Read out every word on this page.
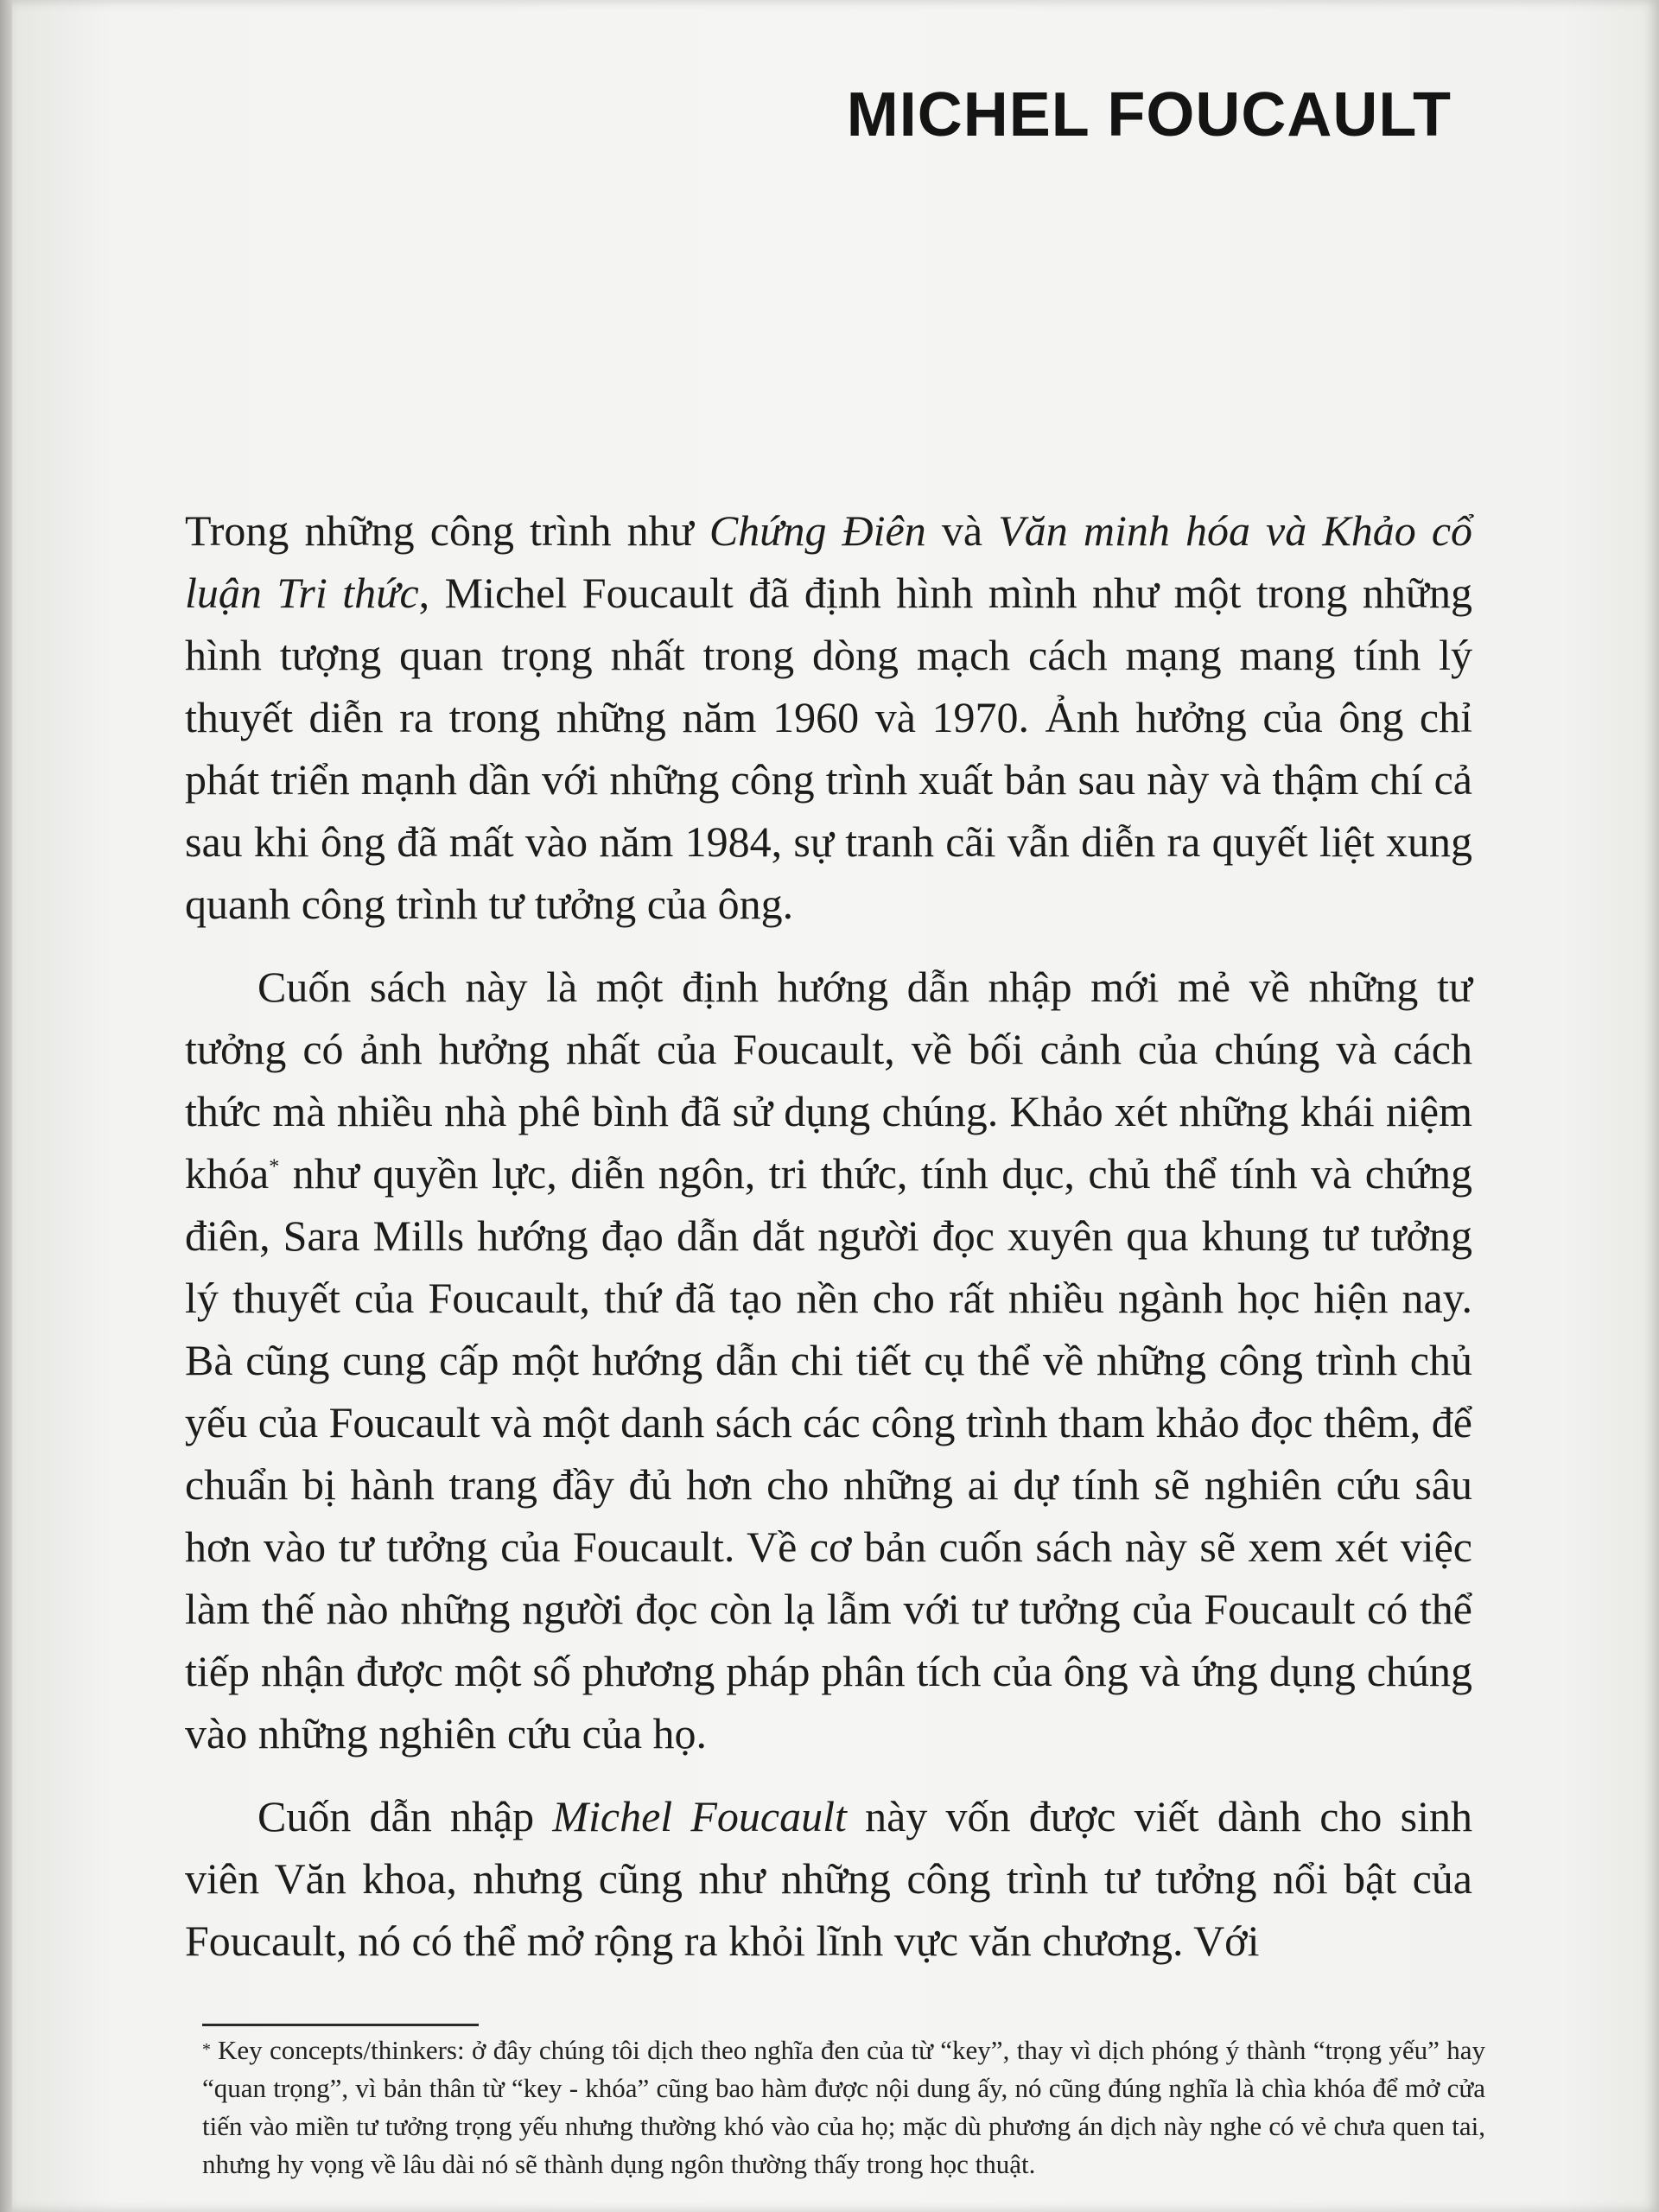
MICHEL FOUCAULT

Trong những công trình như Chứng Điên và Văn minh hóa và Khảo cổ luận Tri thức, Michel Foucault đã định hình mình như một trong những hình tượng quan trọng nhất trong dòng mạch cách mạng mang tính lý thuyết diễn ra trong những năm 1960 và 1970. Ảnh hưởng của ông chỉ phát triển mạnh dần với những công trình xuất bản sau này và thậm chí cả sau khi ông đã mất vào năm 1984, sự tranh cãi vẫn diễn ra quyết liệt xung quanh công trình tư tưởng của ông.

Cuốn sách này là một định hướng dẫn nhập mới mẻ về những tư tưởng có ảnh hưởng nhất của Foucault, về bối cảnh của chúng và cách thức mà nhiều nhà phê bình đã sử dụng chúng. Khảo xét những khái niệm khóa* như quyền lực, diễn ngôn, tri thức, tính dục, chủ thể tính và chứng điên, Sara Mills hướng đạo dẫn dắt người đọc xuyên qua khung tư tưởng lý thuyết của Foucault, thứ đã tạo nền cho rất nhiều ngành học hiện nay. Bà cũng cung cấp một hướng dẫn chi tiết cụ thể về những công trình chủ yếu của Foucault và một danh sách các công trình tham khảo đọc thêm, để chuẩn bị hành trang đầy đủ hơn cho những ai dự tính sẽ nghiên cứu sâu hơn vào tư tưởng của Foucault. Về cơ bản cuốn sách này sẽ xem xét việc làm thế nào những người đọc còn lạ lẫm với tư tưởng của Foucault có thể tiếp nhận được một số phương pháp phân tích của ông và ứng dụng chúng vào những nghiên cứu của họ.

Cuốn dẫn nhập Michel Foucault này vốn được viết dành cho sinh viên Văn khoa, nhưng cũng như những công trình tư tưởng nổi bật của Foucault, nó có thể mở rộng ra khỏi lĩnh vực văn chương. Với

* Key concepts/thinkers: ở đây chúng tôi dịch theo nghĩa đen của từ “key”, thay vì dịch phóng ý thành “trọng yếu” hay “quan trọng”, vì bản thân từ “key - khóa” cũng bao hàm được nội dung ấy, nó cũng đúng nghĩa là chìa khóa để mở cửa tiến vào miền tư tưởng trọng yếu nhưng thường khó vào của họ; mặc dù phương án dịch này nghe có vẻ chưa quen tai, nhưng hy vọng về lâu dài nó sẽ thành dụng ngôn thường thấy trong học thuật.
